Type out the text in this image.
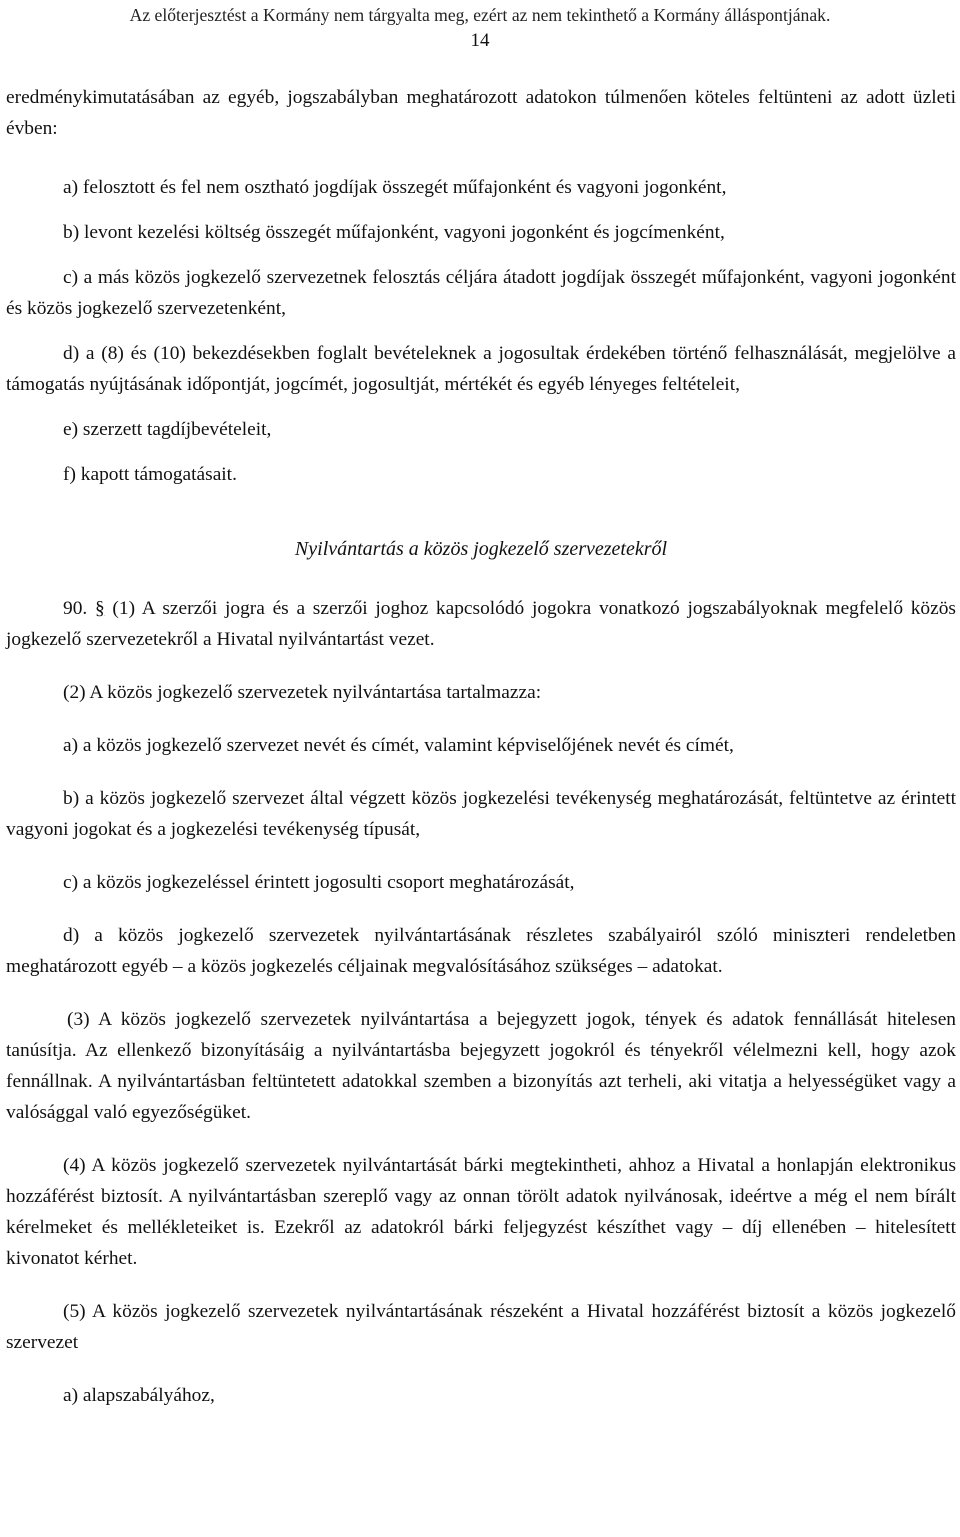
Az előterjesztést a Kormány nem tárgyalta meg, ezért az nem tekinthető a Kormány álláspontjának.
14

eredménykimutatásában az egyéb, jogszabályban meghatározott adatokon túlmenően köteles feltünteni az adott üzleti évben:

a) felosztott és fel nem osztható jogdíjak összegét műfajonként és vagyoni jogonként,

b) levont kezelési költség összegét műfajonként, vagyoni jogonként és jogcímenként,

c) a más közös jogkezelő szervezetnek felosztás céljára átadott jogdíjak összegét műfajonként, vagyoni jogonként és közös jogkezelő szervezetenként,

d) a (8) és (10) bekezdésekben foglalt bevételeknek a jogosultak érdekében történő felhasználását, megjelölve a támogatás nyújtásának időpontját, jogcímét, jogosultját, mértékét és egyéb lényeges feltételeit,

e) szerzett tagdíjbevételeit,

f) kapott támogatásait.

Nyilvántartás a közös jogkezelő szervezetekről

90. § (1) A szerzői jogra és a szerzői joghoz kapcsolódó jogokra vonatkozó jogszabályoknak megfelelő közös jogkezelő szervezetekről a Hivatal nyilvántartást vezet.

(2) A közös jogkezelő szervezetek nyilvántartása tartalmazza:

a) a közös jogkezelő szervezet nevét és címét, valamint képviselőjének nevét és címét,

b) a közös jogkezelő szervezet által végzett közös jogkezelési tevékenység meghatározását, feltüntetve az érintett vagyoni jogokat és a jogkezelési tevékenység típusát,

c) a közös jogkezeléssel érintett jogosulti csoport meghatározását,

d) a közös jogkezelő szervezetek nyilvántartásának részletes szabályairól szóló miniszteri rendeletben meghatározott egyéb – a közös jogkezelés céljainak megvalósításához szükséges – adatokat.

(3) A közös jogkezelő szervezetek nyilvántartása a bejegyzett jogok, tények és adatok fennállását hitelesen tanúsítja. Az ellenkező bizonyításáig a nyilvántartásba bejegyzett jogokról és tényekről vélelmezni kell, hogy azok fennállnak. A nyilvántartásban feltüntetett adatokkal szemben a bizonyítás azt terheli, aki vitatja a helyességüket vagy a valósággal való egyezőségüket.

(4) A közös jogkezelő szervezetek nyilvántartását bárki megtekintheti, ahhoz a Hivatal a honlapján elektronikus hozzáférést biztosít. A nyilvántartásban szereplő vagy az onnan törölt adatok nyilvánosak, ideértve a még el nem bírált kérelmeket és mellékleteiket is. Ezekről az adatokról bárki feljegyzést készíthet vagy – díj ellenében – hitelesített kivonatot kérhet.

(5) A közös jogkezelő szervezetek nyilvántartásának részeként a Hivatal hozzáférést biztosít a közös jogkezelő szervezet

a) alapszabályához,
